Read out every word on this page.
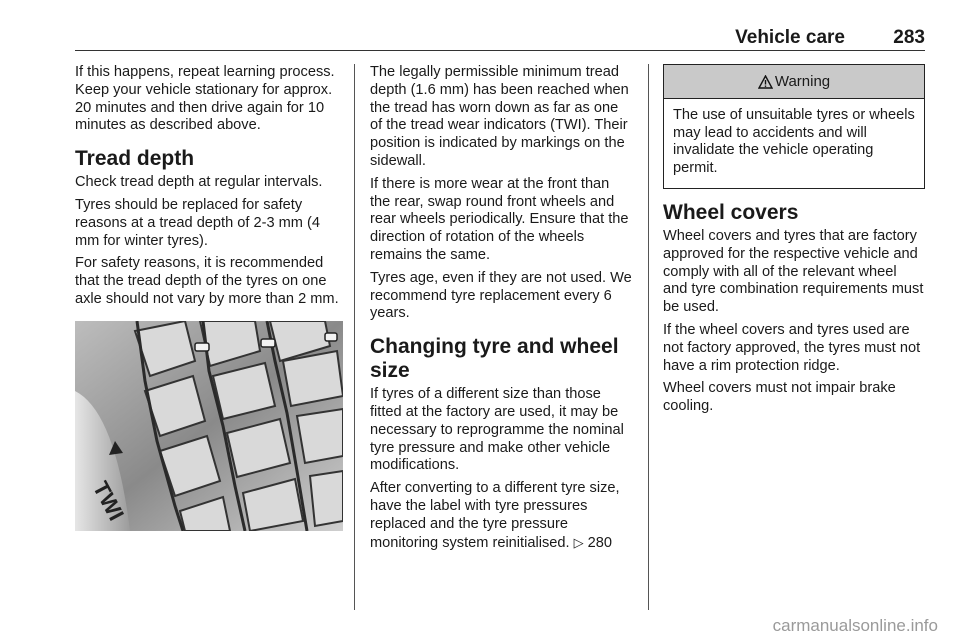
Vehicle care	283

If this happens, repeat learning process. Keep your vehicle stationary for approx. 20 minutes and then drive again for 10 minutes as described above.

Tread depth

Check tread depth at regular intervals.

Tyres should be replaced for safety reasons at a tread depth of 2-3 mm (4 mm for winter tyres).

For safety reasons, it is recommended that the tread depth of the tyres on one axle should not vary by more than 2 mm.

TWI

The legally permissible minimum tread depth (1.6 mm) has been reached when the tread has worn down as far as one of the tread wear indicators (TWI). Their position is indicated by markings on the sidewall.

If there is more wear at the front than the rear, swap round front wheels and rear wheels periodically. Ensure that the direction of rotation of the wheels remains the same.

Tyres age, even if they are not used. We recommend tyre replacement every 6 years.

Changing tyre and wheel size

If tyres of a different size than those fitted at the factory are used, it may be necessary to reprogramme the nominal tyre pressure and make other vehicle modifications.

After converting to a different tyre size, have the label with tyre pressures replaced and the tyre pressure monitoring system reinitialised. ▷ 280

Warning

The use of unsuitable tyres or wheels may lead to accidents and will invalidate the vehicle operating permit.

Wheel covers

Wheel covers and tyres that are factory approved for the respective vehicle and comply with all of the relevant wheel and tyre combination requirements must be used.

If the wheel covers and tyres used are not factory approved, the tyres must not have a rim protection ridge.

Wheel covers must not impair brake cooling.

carmanualsonline.info
